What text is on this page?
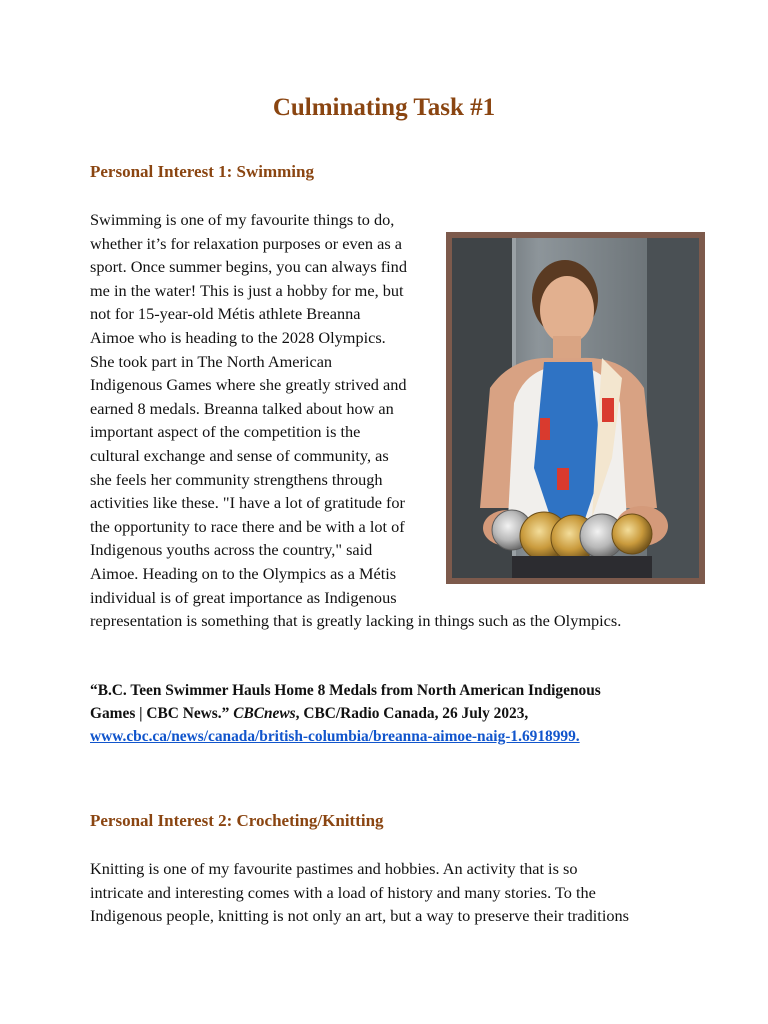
Culminating Task #1
Personal Interest 1: Swimming

Swimming is one of my favourite things to do,
whether it’s for relaxation purposes or even as a
sport. Once summer begins, you can always find
me in the water! This is just a hobby for me, but
not for 15-year-old Métis athlete Breanna
Aimoe who is heading to the 2028 Olympics.
She took part in The North American
Indigenous Games where she greatly strived and
earned 8 medals. Breanna talked about how an
important aspect of the competition is the
cultural exchange and sense of community, as
she feels her community strengthens through
activities like these. "I have a lot of gratitude for
the opportunity to race there and be with a lot of
Indigenous youths across the country," said
Aimoe. Heading on to the Olympics as a Métis
individual is of great importance as Indigenous
representation is something that is greatly lacking in things such as the Olympics.

“B.C. Teen Swimmer Hauls Home 8 Medals from North American Indigenous
Games | CBC News.” CBCnews, CBC/Radio Canada, 26 July 2023,
www.cbc.ca/news/canada/british-columbia/breanna-aimoe-naig-1.6918999.

Personal Interest 2: Crocheting/Knitting

Knitting is one of my favourite pastimes and hobbies. An activity that is so
intricate and interesting comes with a load of history and many stories. To the
Indigenous people, knitting is not only an art, but a way to preserve their traditions
